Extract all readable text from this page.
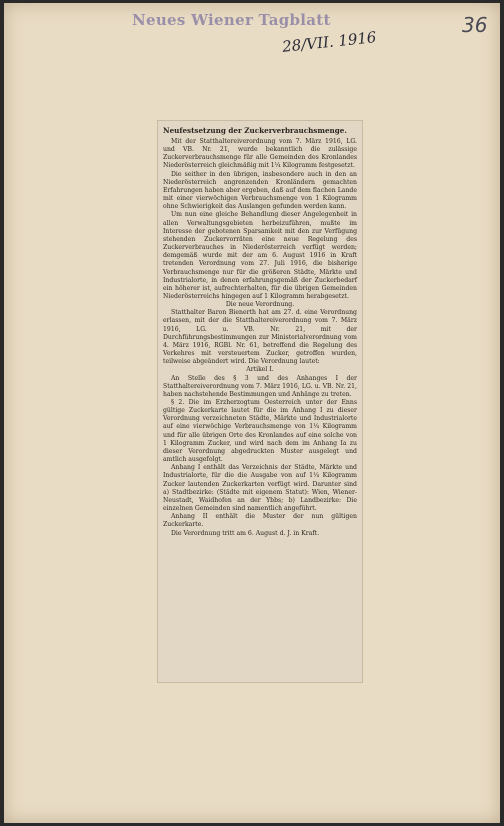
Neues Wiener Tagblatt
28/VII. 1916
36
Neufestsetzung der Zuckerverbrauchsmenge.

Mit der Statthaltereiverordnung vom 7. März 1916, LG. und VB. Nr. 21, wurde bekanntlich die zulässige Zuckerverbrauchsmenge für alle Gemeinden des Kronlandes Niederösterreich gleichmäßig mit 1¼ Kilogramm festgesetzt.

Die seither in den übrigen, insbesondere auch in den an Niederösterreich angrenzenden Kronländern gemachten Erfahrungen haben aber ergeben, daß auf dem flachen Lande mit einer vierwöchigen Verbrauchsmenge von 1 Kilogramm ohne Schwierigkeit das Auslangen gefunden werden kann.

Um nun eine gleiche Behandlung dieser Angelegenheit in allen Verwaltungsgebieten herbeizuführen, mußte im Interesse der gebotenen Sparsamkeit mit den zur Verfügung stehenden Zuckervorräten eine neue Regelung des Zuckerverbrauches in Niederösterreich verfügt werden; demgemäß wurde mit der am 6. August 1916 in Kraft tretenden Verordnung vom 27. Juli 1916, die bisherige Verbrauchsmenge nur für die größeren Städte, Märkte und Industrialorte, in denen erfahrungsgemäß der Zuckerbedarf ein höherer ist, aufrechterhalten, für die übrigen Gemeinden Niederösterreichs hingegen auf 1 Kilogramm herabgesetzt.

Die neue Verordnung.

Statthalter Baron Bienerth hat am 27. d. eine Verordnung erlassen, mit der die Statthaltereiverordnung vom 7. März 1916, LG. u. VB. Nr. 21, mit der Durchführungsbestimmungen zur Ministerialverordnung vom 4. März 1916, RGBl. Nr. 61, betreffend die Regelung des Verkehres mit versteuertem Zucker, getroffen wurden, teilweise abgeändert wird. Die Verordnung lautet:

Artikel I.

An Stelle des § 3 und des Anhanges I der Statthaltereiverordnung vom 7. März 1916, LG. u. VB. Nr. 21, haben nachstehende Bestimmungen und Anhänge zu treten.

§ 2. Die im Erzherzogtum Oesterreich unter der Enns gültige Zuckerkarte lautet für die im Anhang I zu dieser Verordnung verzeichneten Städte, Märkte und Industrialorte auf eine vierwöchige Verbrauchsmenge von 1¼ Kilogramm und für alle übrigen Orte des Kronlandes auf eine solche von 1 Kilogramm Zucker, und wird nach dem im Anhang Ia zu dieser Verordnung abgedruckten Muster ausgelegt und amtlich ausgefolgt.

Anhang I enthält das Verzeichnis der Städte, Märkte und Industrialorte, für die die Ausgabe von auf 1¼ Kilogramm Zucker lautenden Zuckerkarten verfügt wird. Darunter sind a) Stadtbezirke: (Städte mit eigenem Statut): Wien, Wiener-Neustadt, Waidhofen an der Ybbs; b) Landbezirke: Die einzelnen Gemeinden sind namentlich angeführt.

Anhang II enthält die Muster der nun gültigen Zuckerkarte.

Die Verordnung tritt am 6. August d. J. in Kraft.
